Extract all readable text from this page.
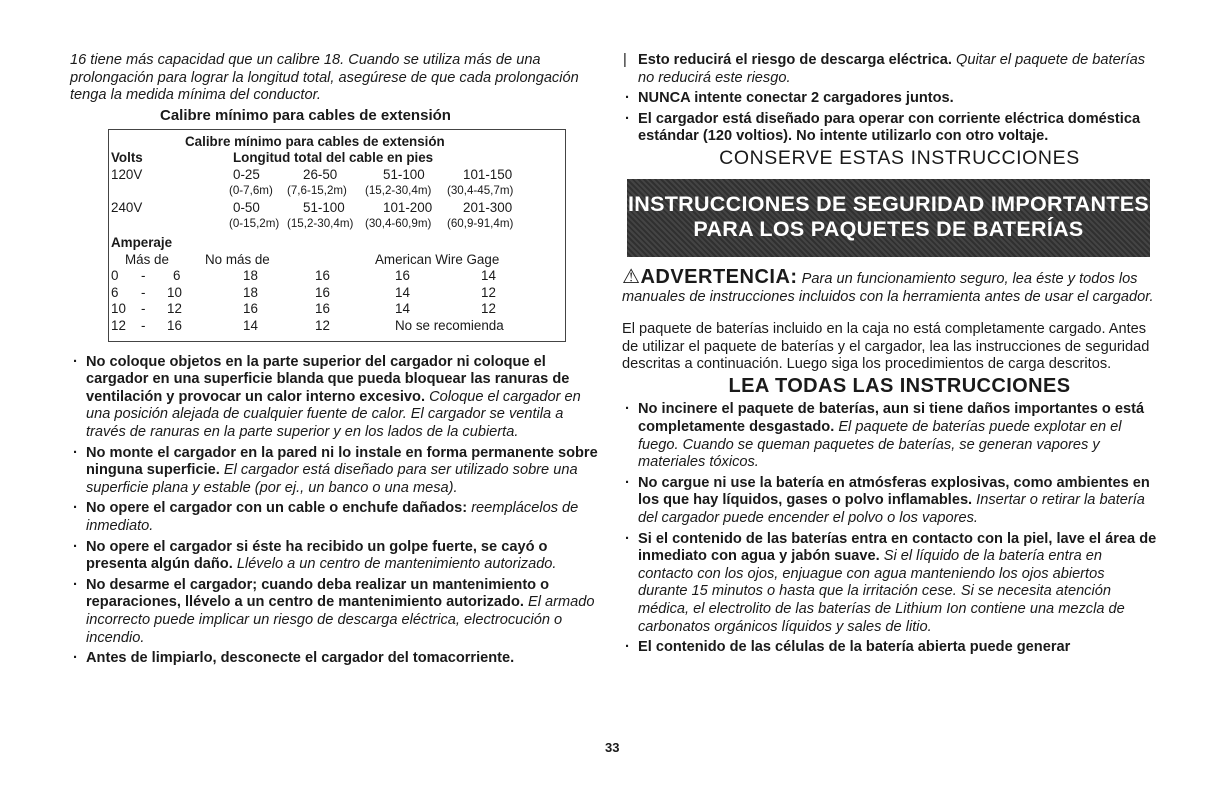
16 tiene más capacidad que un calibre 18. Cuando se utiliza más de una prolongación para lograr la longitud total, asegúrese de que cada prolongación tenga la medida mínima del conductor.

Calibre mínimo para cables de extensión
Calibre mínimo para cables de extensión
Volts	Longitud total del cable en pies
120V	0-25	26-50	51-100	101-150
(0-7,6m) (7,6-15,2m) (15,2-30,4m) (30,4-45,7m)
240V	0-50	51-100	101-200 201-300
(0-15,2m) (15,2-30,4m) (30,4-60,9m) (60,9-91,4m)
Amperaje
Más de	No más de	American Wire Gage
0 - 6	18	16	16	14
6 - 10	18	16	14	12
10 - 12	16	16	14	12
12 - 16	14	12	No se recomienda
· No coloque objetos en la parte superior del cargador ni coloque el cargador en una superficie blanda que pueda bloquear las ranuras de ventilación y provocar un calor interno excesivo. Coloque el cargador en una posición alejada de cualquier fuente de calor. El cargador se ventila a través de ranuras en la parte superior y en los lados de la cubierta.
· No monte el cargador en la pared ni lo instale en forma permanente sobre ninguna superficie. El cargador está diseñado para ser utilizado sobre una superficie plana y estable (por ej., un banco o una mesa).
· No opere el cargador con un cable o enchufe dañados: reemplácelos de inmediato.
· No opere el cargador si éste ha recibido un golpe fuerte, se cayó o presenta algún daño. Llévelo a un centro de mantenimiento autorizado.
· No desarme el cargador; cuando deba realizar un mantenimiento o reparaciones, llévelo a un centro de mantenimiento autorizado. El armado incorrecto puede implicar un riesgo de descarga eléctrica, electrocución o incendio.
· Antes de limpiarlo, desconecte el cargador del tomacorriente.
| Esto reducirá el riesgo de descarga eléctrica. Quitar el paquete de baterías no reducirá este riesgo.
· NUNCA intente conectar 2 cargadores juntos.
· El cargador está diseñado para operar con corriente eléctrica doméstica estándar (120 voltios). No intente utilizarlo con otro voltaje.
CONSERVE ESTAS INSTRUCCIONES
INSTRUCCIONES DE SEGURIDAD IMPORTANTES
PARA LOS PAQUETES DE BATERÍAS

⚠ADVERTENCIA: Para un funcionamiento seguro, lea éste y todos los manuales de instrucciones incluidos con la herramienta antes de usar el cargador.

El paquete de baterías incluido en la caja no está completamente cargado. Antes de utilizar el paquete de baterías y el cargador, lea las instrucciones de seguridad descritas a continuación. Luego siga los procedimientos de carga descritos.

LEA TODAS LAS INSTRUCCIONES
· No incinere el paquete de baterías, aun si tiene daños importantes o está completamente desgastado. El paquete de baterías puede explotar en el fuego. Cuando se queman paquetes de baterías, se generan vapores y materiales tóxicos.
· No cargue ni use la batería en atmósferas explosivas, como ambientes en los que hay líquidos, gases o polvo inflamables. Insertar o retirar la batería del cargador puede encender el polvo o los vapores.
· Si el contenido de las baterías entra en contacto con la piel, lave el área de inmediato con agua y jabón suave. Si el líquido de la batería entra en contacto con los ojos, enjuague con agua manteniendo los ojos abiertos durante 15 minutos o hasta que la irritación cese. Si se necesita atención médica, el electrolito de las baterías de Lithium Ion contiene una mezcla de carbonatos orgánicos líquidos y sales de litio.
· El contenido de las células de la batería abierta puede generar
33
